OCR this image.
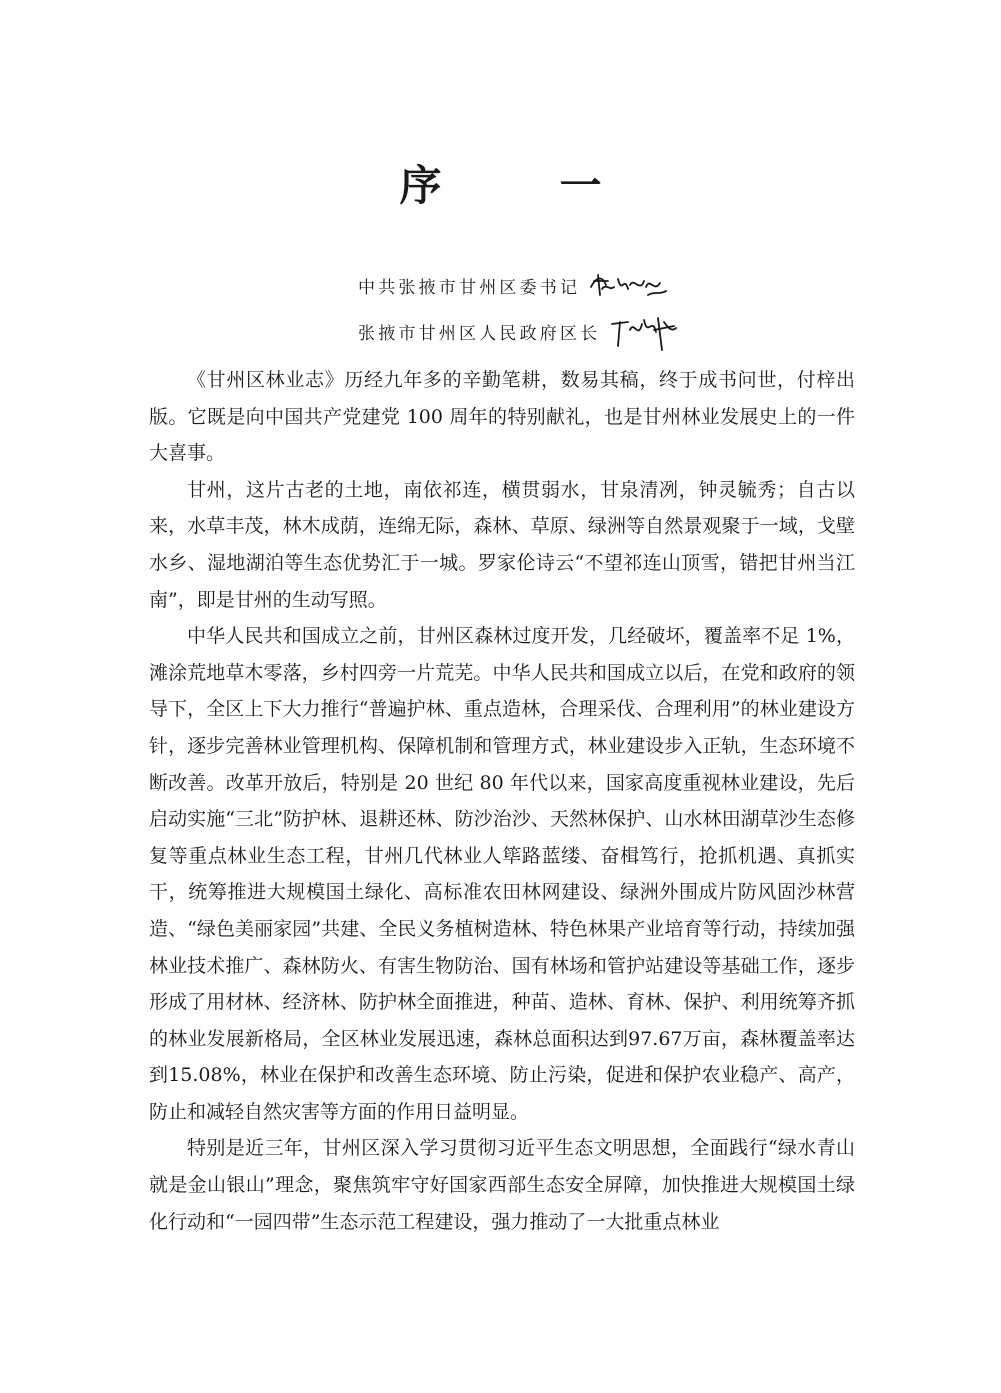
序　一
中共张掖市甘州区委书记
张掖市甘州区人民政府区长

《甘州区林业志》历经九年多的辛勤笔耕，数易其稿，终于成书问世，付梓出版。它既是向中国共产党建党 100 周年的特别献礼，也是甘州林业发展史上的一件大喜事。

甘州，这片古老的土地，南依祁连，横贯弱水，甘泉清冽，钟灵毓秀；自古以来，水草丰茂，林木成荫，连绵无际，森林、草原、绿洲等自然景观聚于一域，戈壁水乡、湿地湖泊等生态优势汇于一城。罗家伦诗云“不望祁连山顶雪，错把甘州当江南”，即是甘州的生动写照。

中华人民共和国成立之前，甘州区森林过度开发，几经破坏，覆盖率不足 1%，滩涂荒地草木零落，乡村四旁一片荒芜。中华人民共和国成立以后，在党和政府的领导下，全区上下大力推行“普遍护林、重点造林，合理采伐、合理利用”的林业建设方针，逐步完善林业管理机构、保障机制和管理方式，林业建设步入正轨，生态环境不断改善。改革开放后，特别是 20 世纪 80 年代以来，国家高度重视林业建设，先后启动实施“三北”防护林、退耕还林、防沙治沙、天然林保护、山水林田湖草沙生态修复等重点林业生态工程，甘州几代林业人筚路蓝缕、奋楫笃行，抢抓机遇、真抓实干，统筹推进大规模国土绿化、高标准农田林网建设、绿洲外围成片防风固沙林营造、“绿色美丽家园”共建、全民义务植树造林、特色林果产业培育等行动，持续加强林业技术推广、森林防火、有害生物防治、国有林场和管护站建设等基础工作，逐步形成了用材林、经济林、防护林全面推进，种苗、造林、育林、保护、利用统筹齐抓的林业发展新格局，全区林业发展迅速，森林总面积达到97.67万亩，森林覆盖率达到15.08%，林业在保护和改善生态环境、防止污染，促进和保护农业稳产、高产，防止和减轻自然灾害等方面的作用日益明显。

特别是近三年，甘州区深入学习贯彻习近平生态文明思想，全面践行“绿水青山就是金山银山”理念，聚焦筑牢守好国家西部生态安全屏障，加快推进大规模国土绿化行动和“一园四带”生态示范工程建设，强力推动了一大批重点林业
